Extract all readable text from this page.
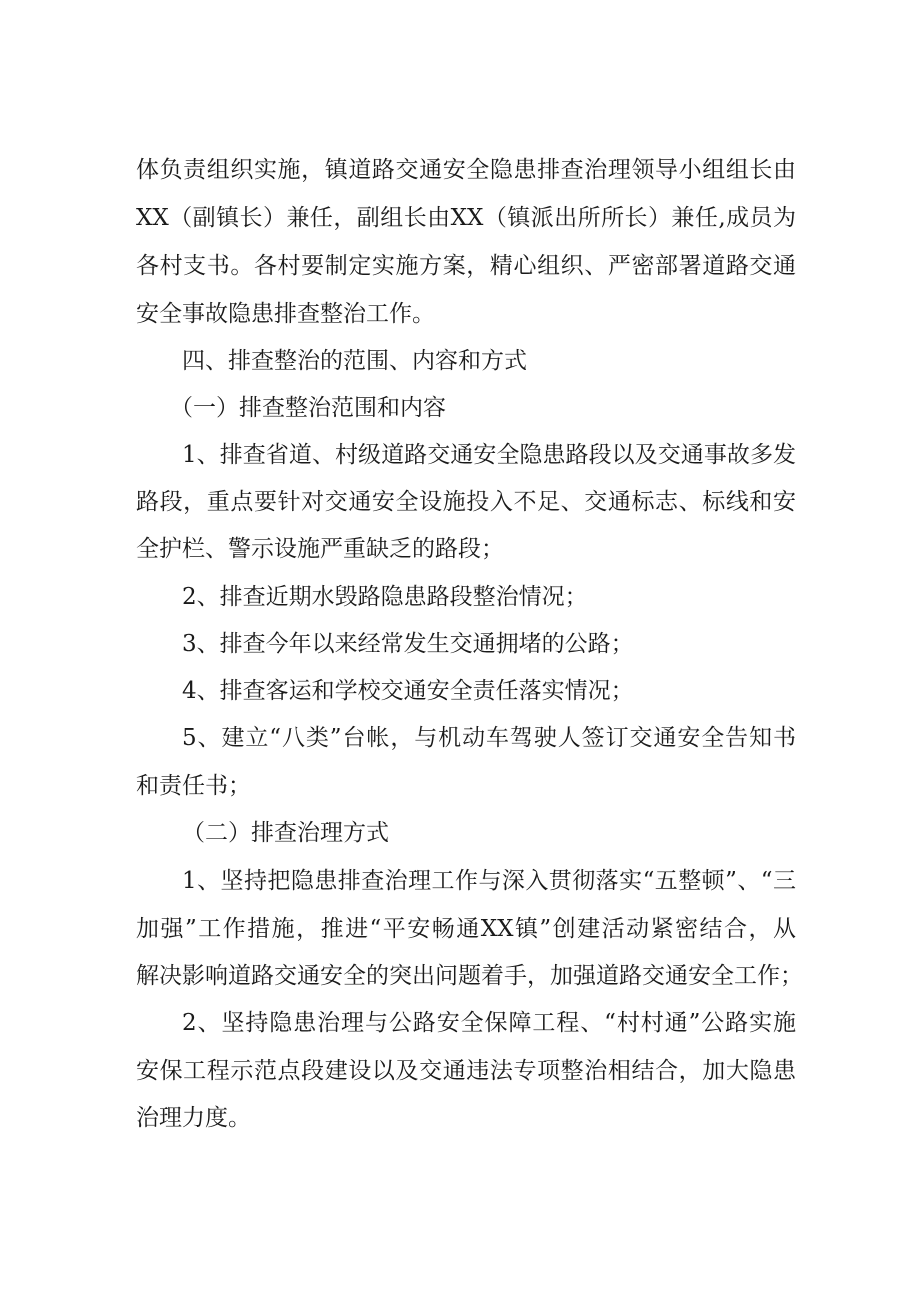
体负责组织实施，镇道路交通安全隐患排查治理领导小组组长由

XX（副镇长）兼任，副组长由XX（镇派出所所长）兼任,成员为

各村支书。各村要制定实施方案，精心组织、严密部署道路交通

安全事故隐患排查整治工作。

四、排查整治的范围、内容和方式

（一）排查整治范围和内容

1、排查省道、村级道路交通安全隐患路段以及交通事故多发

路段，重点要针对交通安全设施投入不足、交通标志、标线和安

全护栏、警示设施严重缺乏的路段；

2、排查近期水毁路隐患路段整治情况；

3、排查今年以来经常发生交通拥堵的公路；

4、排查客运和学校交通安全责任落实情况；

5、建立“八类”台帐，与机动车驾驶人签订交通安全告知书

和责任书；

（二）排查治理方式

1、坚持把隐患排查治理工作与深入贯彻落实“五整顿”、“三

加强”工作措施，推进“平安畅通XX镇”创建活动紧密结合，从

解决影响道路交通安全的突出问题着手，加强道路交通安全工作；

2、坚持隐患治理与公路安全保障工程、“村村通”公路实施

安保工程示范点段建设以及交通违法专项整治相结合，加大隐患

治理力度。
